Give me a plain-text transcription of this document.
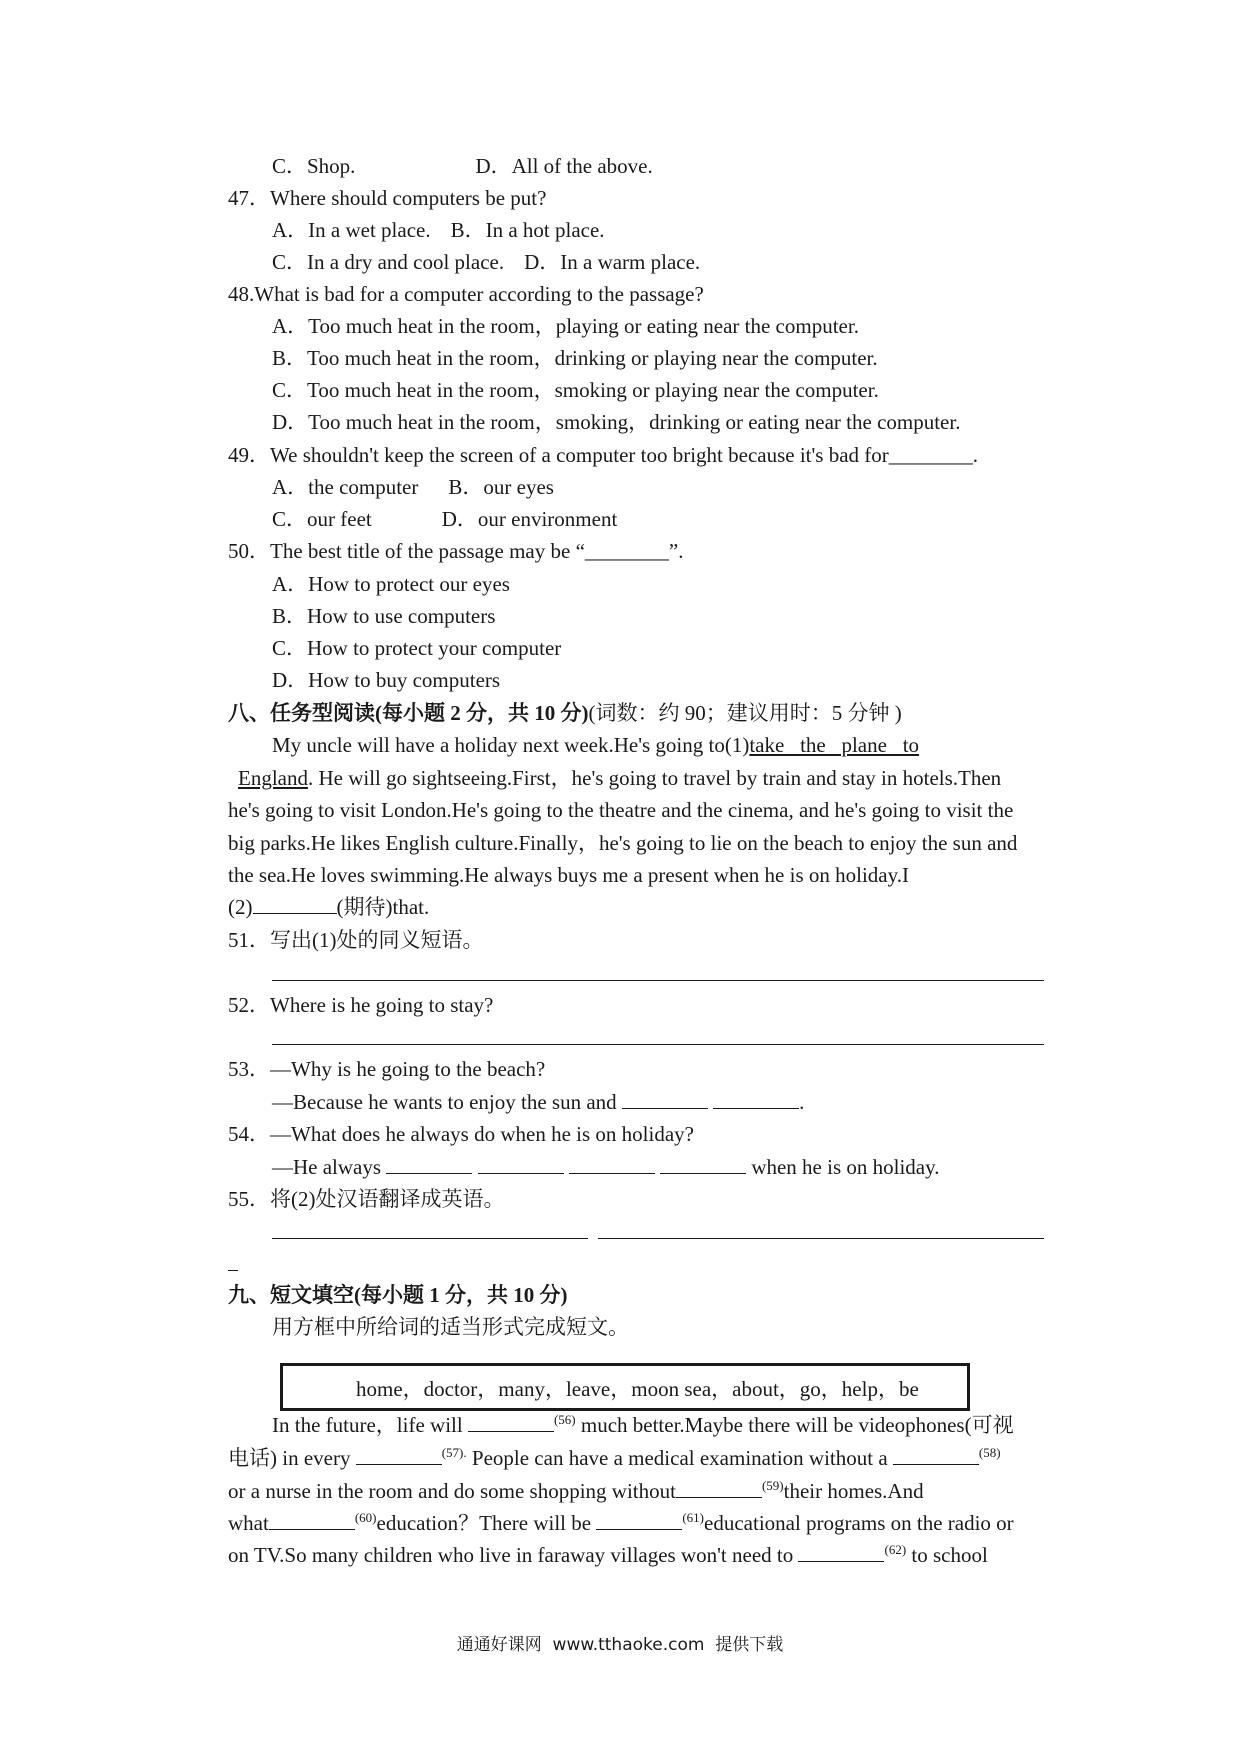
C．Shop.	D．All of the above.
47．Where should computers be put?
A．In a wet place. B．In a hot place.
C．In a dry and cool place. D．In a warm place.
48.What is bad for a computer according to the passage?
A．Too much heat in the room，playing or eating near the computer.
B．Too much heat in the room，drinking or playing near the computer.
C．Too much heat in the room，smoking or playing near the computer.
D．Too much heat in the room，smoking，drinking or eating near the computer.
49．We shouldn't keep the screen of a computer too bright because it's bad for________.
A．the computer B．our eyes
C．our feet	D．our environment
50．The best title of the passage may be “________”.
A．How to protect our eyes
B．How to use computers
C．How to protect your computer
D．How to buy computers
八、任务型阅读(每小题 2 分，共 10 分)(词数：约 90；建议用时：5 分钟 )
My uncle will have a holiday next week.He's going to(1)take   the   plane   to
England. He will go sightseeing.First，he's going to travel by train and stay in hotels.Then
he's going to visit London.He's going to the theatre and the cinema, and he's going to visit the
big parks.He likes English culture.Finally，he's going to lie on the beach to enjoy the sun and
the sea.He loves swimming.He always buys me a present when he is on holiday.I
(2)	(期待)that.
51．写出(1)处的同义短语。
52．Where is he going to stay?
53．—Why is he going to the beach?
—Because he wants to enjoy the sun and	.
54．—What does he always do when he is on holiday?
—He always	when he is on holiday.
55．将(2)处汉语翻译成英语。
九、短文填空(每小题 1 分，共 10 分)
用方框中所给词的适当形式完成短文。
home，doctor，many，leave，moon sea，about，go，help，be
In the future，life will	$^{(56)}$ much better.Maybe there will be videophones(可视
电话) in every	$^{(57).}$ People can have a medical examination without a	$^{(58)}$
or a nurse in the room and do some shopping without	$^{(59)}$their homes.And
what	$^{(60)}$education？There will be	$^{(61)}$educational programs on the radio or
on TV.So many children who live in faraway villages won't need to	$^{(62)}$ to school
通通好课网  www.tthaoke.com  提供下载
